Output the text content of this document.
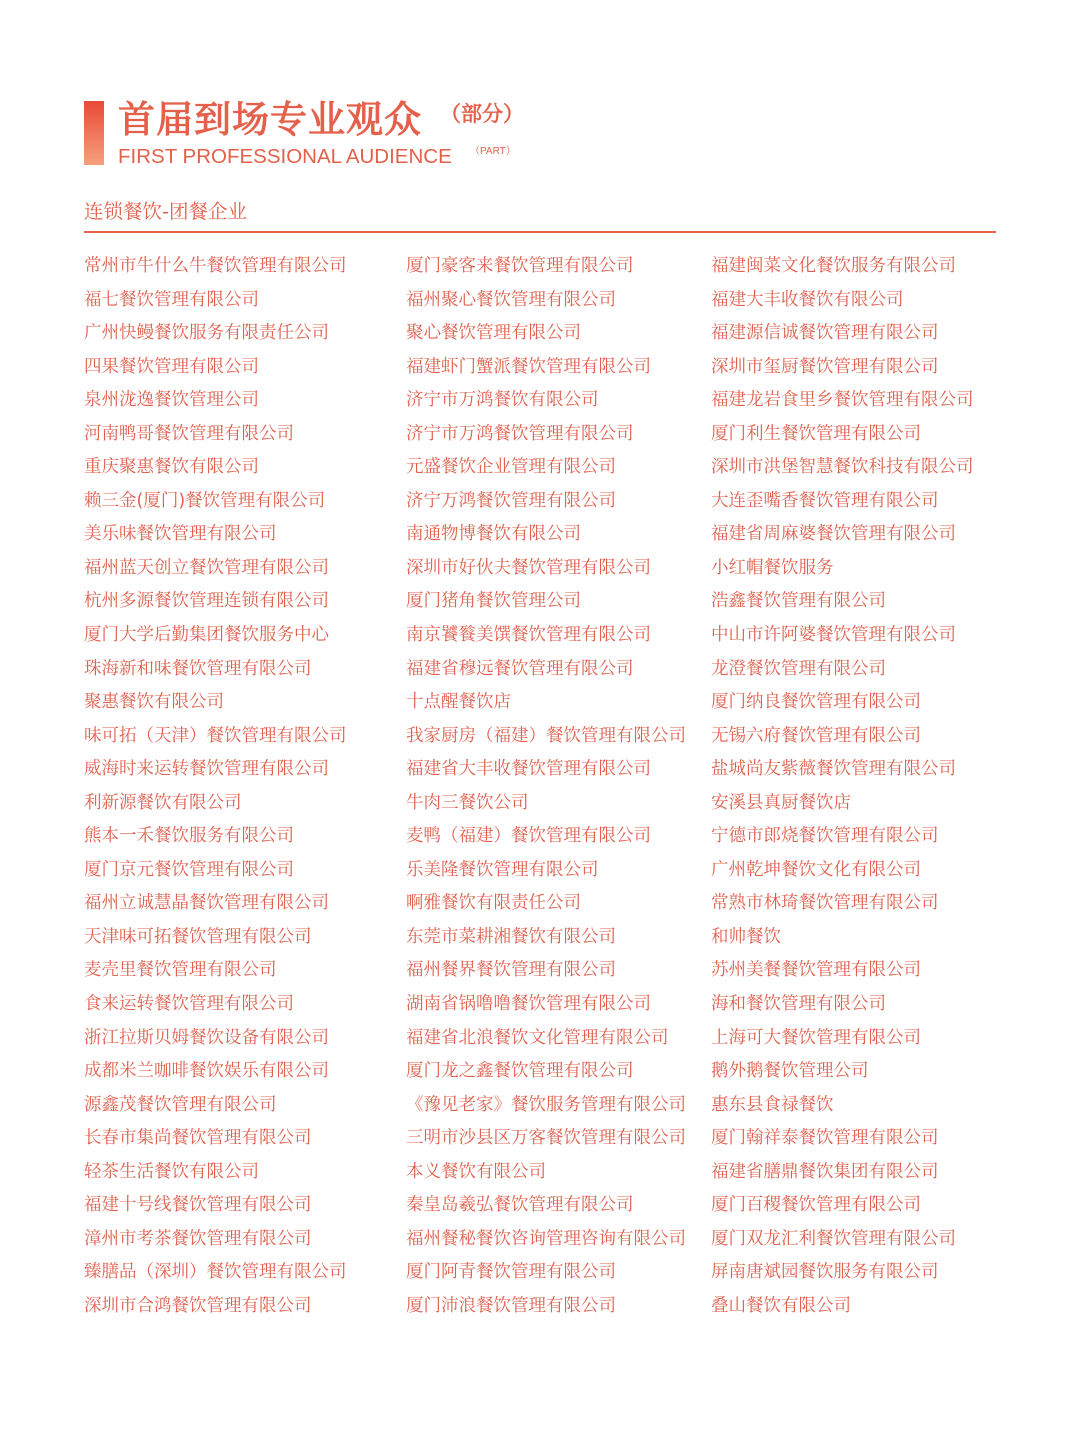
首届到场专业观众 （部分）
FIRST PROFESSIONAL AUDIENCE （PART）
连锁餐饮-团餐企业
常州市牛什么牛餐饮管理有限公司
福七餐饮管理有限公司
广州快鳗餐饮服务有限责任公司
四果餐饮管理有限公司
泉州泷逸餐饮管理公司
河南鸭哥餐饮管理有限公司
重庆聚惠餐饮有限公司
赖三金(厦门)餐饮管理有限公司
美乐味餐饮管理有限公司
福州蓝天创立餐饮管理有限公司
杭州多源餐饮管理连锁有限公司
厦门大学后勤集团餐饮服务中心
珠海新和味餐饮管理有限公司
聚惠餐饮有限公司
味可拓（天津）餐饮管理有限公司
威海时来运转餐饮管理有限公司
利新源餐饮有限公司
熊本一禾餐饮服务有限公司
厦门京元餐饮管理有限公司
福州立诚慧晶餐饮管理有限公司
天津味可拓餐饮管理有限公司
麦壳里餐饮管理有限公司
食来运转餐饮管理有限公司
浙江拉斯贝姆餐饮设备有限公司
成都米兰咖啡餐饮娱乐有限公司
源鑫茂餐饮管理有限公司
长春市集尚餐饮管理有限公司
轻茶生活餐饮有限公司
福建十号线餐饮管理有限公司
漳州市考茶餐饮管理有限公司
臻膳品（深圳）餐饮管理有限公司
深圳市合鸿餐饮管理有限公司
厦门豪客来餐饮管理有限公司
福州聚心餐饮管理有限公司
聚心餐饮管理有限公司
福建虾门蟹派餐饮管理有限公司
济宁市万鸿餐饮有限公司
济宁市万鸿餐饮管理有限公司
元盛餐饮企业管理有限公司
济宁万鸿餐饮管理有限公司
南通物博餐饮有限公司
深圳市好伙夫餐饮管理有限公司
厦门猪角餐饮管理公司
南京饕餮美馔餐饮管理有限公司
福建省穆远餐饮管理有限公司
十点醒餐饮店
我家厨房（福建）餐饮管理有限公司
福建省大丰收餐饮管理有限公司
牛肉三餐饮公司
麦鸭（福建）餐饮管理有限公司
乐美隆餐饮管理有限公司
啊雅餐饮有限责任公司
东莞市菜耕湘餐饮有限公司
福州餐界餐饮管理有限公司
湖南省锅噜噜餐饮管理有限公司
福建省北浪餐饮文化管理有限公司
厦门龙之鑫餐饮管理有限公司
《豫见老家》餐饮服务管理有限公司
三明市沙县区万客餐饮管理有限公司
本义餐饮有限公司
秦皇岛羲弘餐饮管理有限公司
福州餐秘餐饮咨询管理咨询有限公司
厦门阿青餐饮管理有限公司
厦门沛浪餐饮管理有限公司
福建闽菜文化餐饮服务有限公司
福建大丰收餐饮有限公司
福建源信诚餐饮管理有限公司
深圳市玺厨餐饮管理有限公司
福建龙岩食里乡餐饮管理有限公司
厦门利生餐饮管理有限公司
深圳市洪堡智慧餐饮科技有限公司
大连歪嘴香餐饮管理有限公司
福建省周麻婆餐饮管理有限公司
小红帽餐饮服务
浩鑫餐饮管理有限公司
中山市许阿婆餐饮管理有限公司
龙澄餐饮管理有限公司
厦门纳良餐饮管理有限公司
无锡六府餐饮管理有限公司
盐城尚友紫薇餐饮管理有限公司
安溪县真厨餐饮店
宁德市郎烧餐饮管理有限公司
广州乾坤餐饮文化有限公司
常熟市林琦餐饮管理有限公司
和帅餐饮
苏州美餐餐饮管理有限公司
海和餐饮管理有限公司
上海可大餐饮管理有限公司
鹅外鹅餐饮管理公司
惠东县食禄餐饮
厦门翰祥泰餐饮管理有限公司
福建省膳鼎餐饮集团有限公司
厦门百稷餐饮管理有限公司
厦门双龙汇利餐饮管理有限公司
屏南唐斌园餐饮服务有限公司
叠山餐饮有限公司
